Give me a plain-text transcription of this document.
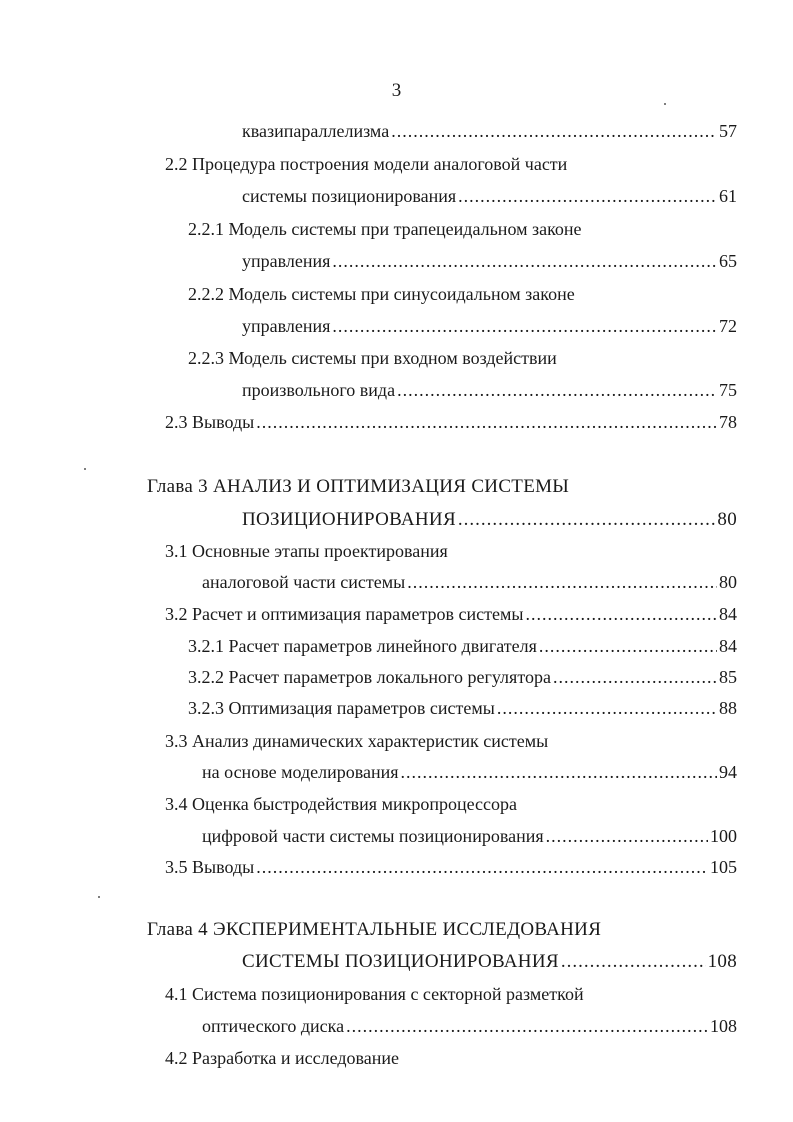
3
квазипараллелизма .....	57
2.2 Процедура построения модели аналоговой части
системы позиционирования .....	61
2.2.1 Модель системы при трапецеидальном законе
управления .....	65
2.2.2 Модель системы при синусоидальном законе
управления .....	72
2.2.3 Модель системы при входном воздействии
произвольного вида .....	75
2.3 Выводы .....	78
Глава 3 АНАЛИЗ И ОПТИМИЗАЦИЯ СИСТЕМЫ
ПОЗИЦИОНИРОВАНИЯ .....	80
3.1 Основные этапы проектирования
аналоговой части системы .....	80
3.2 Расчет и оптимизация параметров системы .....	84
3.2.1 Расчет параметров линейного двигателя .....	84
3.2.2 Расчет параметров локального регулятора .....	85
3.2.3 Оптимизация параметров системы .....	88
3.3 Анализ динамических характеристик системы
на основе моделирования .....	94
3.4 Оценка быстродействия микропроцессора
цифровой части системы позиционирования .....	100
3.5 Выводы .....	105
Глава 4 ЭКСПЕРИМЕНТАЛЬНЫЕ ИССЛЕДОВАНИЯ
СИСТЕМЫ ПОЗИЦИОНИРОВАНИЯ .....	108
4.1 Система позиционирования с секторной разметкой
оптического диска .....	108
4.2 Разработка и исследование
